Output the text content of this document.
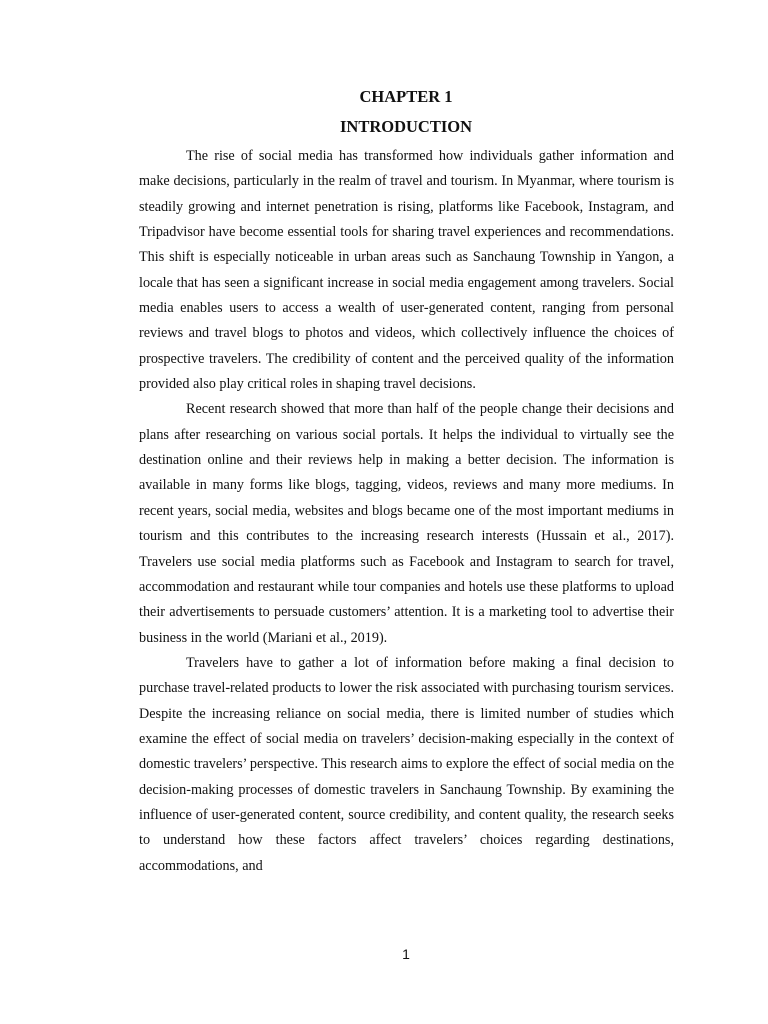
CHAPTER 1
INTRODUCTION

The rise of social media has transformed how individuals gather information and make decisions, particularly in the realm of travel and tourism. In Myanmar, where tourism is steadily growing and internet penetration is rising, platforms like Facebook, Instagram, and Tripadvisor have become essential tools for sharing travel experiences and recommendations. This shift is especially noticeable in urban areas such as Sanchaung Township in Yangon, a locale that has seen a significant increase in social media engagement among travelers. Social media enables users to access a wealth of user-generated content, ranging from personal reviews and travel blogs to photos and videos, which collectively influence the choices of prospective travelers. The credibility of content and the perceived quality of the information provided also play critical roles in shaping travel decisions.

Recent research showed that more than half of the people change their decisions and plans after researching on various social portals. It helps the individual to virtually see the destination online and their reviews help in making a better decision. The information is available in many forms like blogs, tagging, videos, reviews and many more mediums. In recent years, social media, websites and blogs became one of the most important mediums in tourism and this contributes to the increasing research interests (Hussain et al., 2017). Travelers use social media platforms such as Facebook and Instagram to search for travel, accommodation and restaurant while tour companies and hotels use these platforms to upload their advertisements to persuade customers’ attention. It is a marketing tool to advertise their business in the world (Mariani et al., 2019).

Travelers have to gather a lot of information before making a final decision to purchase travel-related products to lower the risk associated with purchasing tourism services. Despite the increasing reliance on social media, there is limited number of studies which examine the effect of social media on travelers’ decision-making especially in the context of domestic travelers’ perspective. This research aims to explore the effect of social media on the decision-making processes of domestic travelers in Sanchaung Township. By examining the influence of user-generated content, source credibility, and content quality, the research seeks to understand how these factors affect travelers’ choices regarding destinations, accommodations, and

1
